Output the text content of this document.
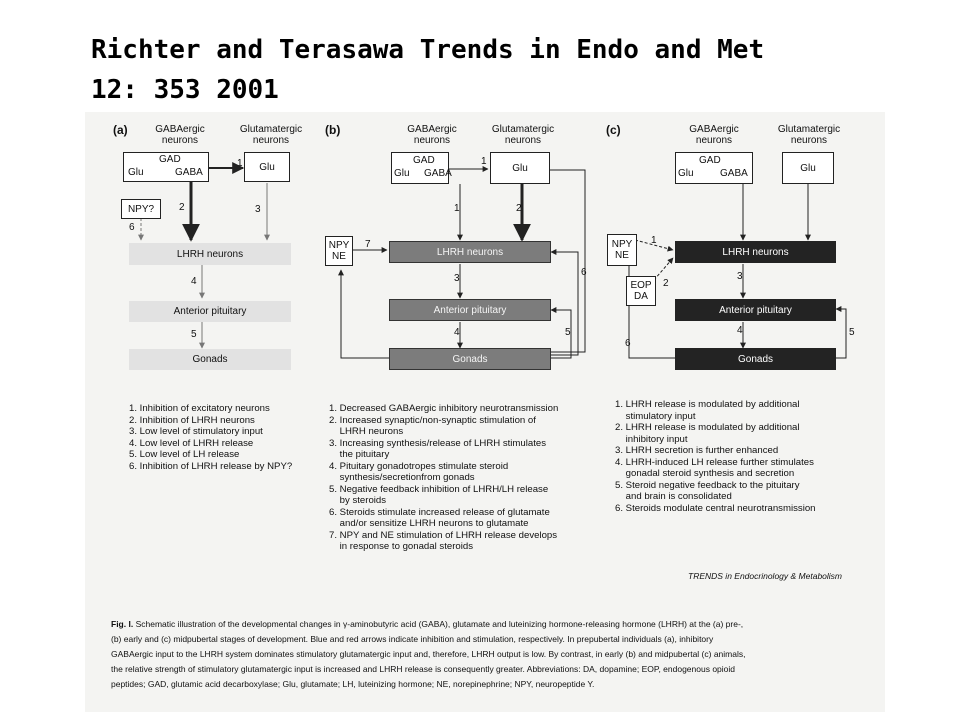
Richter and Terasawa Trends in Endo and Met
12: 353 2001
(a)	GABAergic
neurons
Glutamatergic
neurons
GAD
Glu	GABA	Glu
NPY?
1
2	3
6
LHRH neurons
4
Anterior pituitary
5
Gonads
1. Inhibition of excitatory neurons
2. Inhibition of LHRH neurons
3. Low level of stimulatory input
4. Low level of LHRH release
5. Low level of LH release
6. Inhibition of LHRH release by NPY?
(b)	GABAergic
neurons
Glutamatergic
neurons
GAD
Glu GABA	Glu
NPY
NE
1
1	2
7
LHRH neurons
3
6
Anterior pituitary
4	5
Gonads
1. Decreased GABAergic inhibitory neurotransmission
2. Increased synaptic/non-synaptic stimulation of
LHRH neurons
3. Increasing synthesis/release of LHRH stimulates
the pituitary
4. Pituitary gonadotropes stimulate steroid
synthesis/secretionfrom gonads
5. Negative feedback inhibition of LHRH/LH release
by steroids
6. Steroids stimulate increased release of glutamate
and/or sensitize LHRH neurons to glutamate
7. NPY and NE stimulation of LHRH release develops
in response to gonadal steroids
(c)	GABAergic
neurons
Glutamatergic
neurons
GAD
Glu	GABA	Glu
NPY
NE
EOP
DA
1
2
LHRH neurons
3
Anterior pituitary
4	5
6
Gonads
1. LHRH release is modulated by additional
stimulatory input
2. LHRH release is modulated by additional
inhibitory input
3. LHRH secretion is further enhanced
4. LHRH-induced LH release further stimulates
gonadal steroid synthesis and secretion
5. Steroid negative feedback to the pituitary
and brain is consolidated
6. Steroids modulate central neurotransmission
TRENDS in Endocrinology & Metabolism
Fig. I. Schematic illustration of the developmental changes in γ-aminobutyric acid (GABA), glutamate and luteinizing hormone-releasing hormone (LHRH) at the (a) pre-,
(b) early and (c) midpubertal stages of development. Blue and red arrows indicate inhibition and stimulation, respectively. In prepubertal individuals (a), inhibitory
GABAergic input to the LHRH system dominates stimulatory glutamatergic input and, therefore, LHRH output is low. By contrast, in early (b) and midpubertal (c) animals,
the relative strength of stimulatory glutamatergic input is increased and LHRH release is consequently greater. Abbreviations: DA, dopamine; EOP, endogenous opioid
peptides; GAD, glutamic acid decarboxylase; Glu, glutamate; LH, luteinizing hormone; NE, norepinephrine; NPY, neuropeptide Y.
